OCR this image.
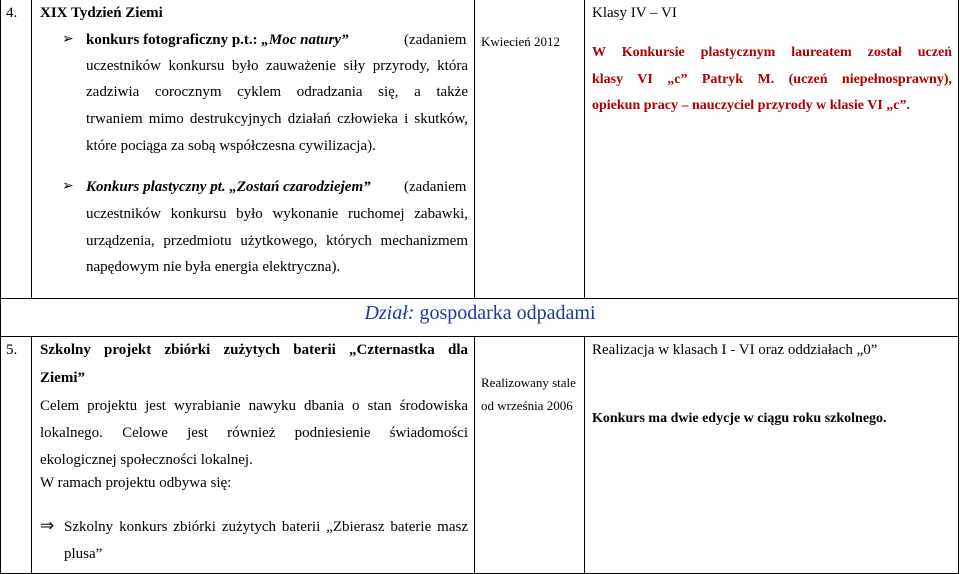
4. XIX Tydzień Ziemi
➢ konkurs fotograficzny p.t.: „Moc natury”	(zadaniem
uczestników konkursu było zauważenie siły przyrody, która
zadziwia corocznym cyklem odradzania się, a także
trwaniem mimo destrukcyjnych działań człowieka i skutków,
które pociąga za sobą współczesna cywilizacja).
➢ Konkurs plastyczny pt. „Zostań czarodziejem” (zadaniem
uczestników konkursu było wykonanie ruchomej zabawki,
urządzenia, przedmiotu użytkowego, których mechanizmem
napędowym nie była energia elektryczna).
Kwiecień 2012
Klasy IV – VI
W Konkursie plastycznym laureatem został uczeń
klasy VI „c” Patryk M. (uczeń niepełnosprawny),
opiekun pracy – nauczyciel przyrody w klasie VI „c”.
Dział: gospodarka odpadami
5. Szkolny projekt zbiórki zużytych baterii „Czternastka dla
Ziemi”
Celem projektu jest wyrabianie nawyku dbania o stan środowiska
lokalnego. Celowe jest również podniesienie świadomości
ekologicznej społeczności lokalnej.
W ramach projektu odbywa się:
⇒ Szkolny konkurs zbiórki zużytych baterii „Zbierasz baterie masz
plusa”
Realizowany stale
od września 2006
Realizacja w klasach I - VI oraz oddziałach „0”
Konkurs ma dwie edycje w ciągu roku szkolnego.
